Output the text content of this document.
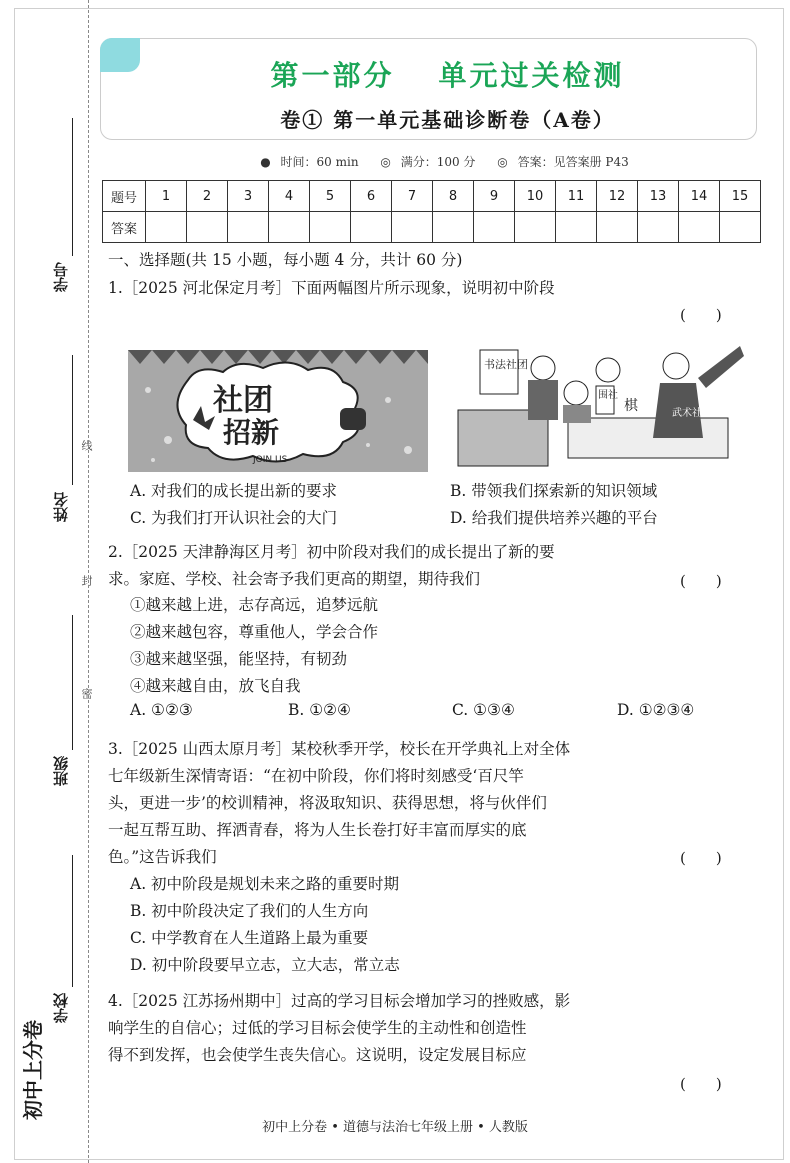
学号
姓名
班级
学校
线
封
密
初中上分卷
第一部分 单元过关检测
卷① 第一单元基础诊断卷（A卷）
● 时间：60 min ◎ 满分：100 分 ◎ 答案：见答案册 P43
题号	1	2	3	4	5	6	7	8	9	10	11	12	13	14	15
答案															
一、选择题(共 15 小题，每小题 4 分，共计 60 分)
1.［2025 河北保定月考］下面两幅图片所示现象，说明初中阶段
(　　)
社团
招新
JOIN US
书法社团
围社
棋	武术社
A. 对我们的成长提出新的要求	B. 带领我们探索新的知识领域
C. 为我们打开认识社会的大门	D. 给我们提供培养兴趣的平台
2.［2025 天津静海区月考］初中阶段对我们的成长提出了新的要
求。家庭、学校、社会寄予我们更高的期望，期待我们	(　　)
①越来越上进，志存高远，追梦远航
②越来越包容，尊重他人，学会合作
③越来越坚强，能坚持，有韧劲
④越来越自由，放飞自我
A. ①②③	B. ①②④	C. ①③④	D. ①②③④
3.［2025 山西太原月考］某校秋季开学，校长在开学典礼上对全体
七年级新生深情寄语：“在初中阶段，你们将时刻感受‘百尺竿
头，更进一步’的校训精神，将汲取知识、获得思想，将与伙伴们
一起互帮互助、挥洒青春，将为人生长卷打好丰富而厚实的底
色。”这告诉我们	(　　)
A. 初中阶段是规划未来之路的重要时期
B. 初中阶段决定了我们的人生方向
C. 中学教育在人生道路上最为重要
D. 初中阶段要早立志，立大志，常立志
4.［2025 江苏扬州期中］过高的学习目标会增加学习的挫败感，影
响学生的自信心；过低的学习目标会使学生的主动性和创造性
得不到发挥，也会使学生丧失信心。这说明，设定发展目标应
(　　)
初中上分卷 • 道德与法治七年级上册 • 人教版
